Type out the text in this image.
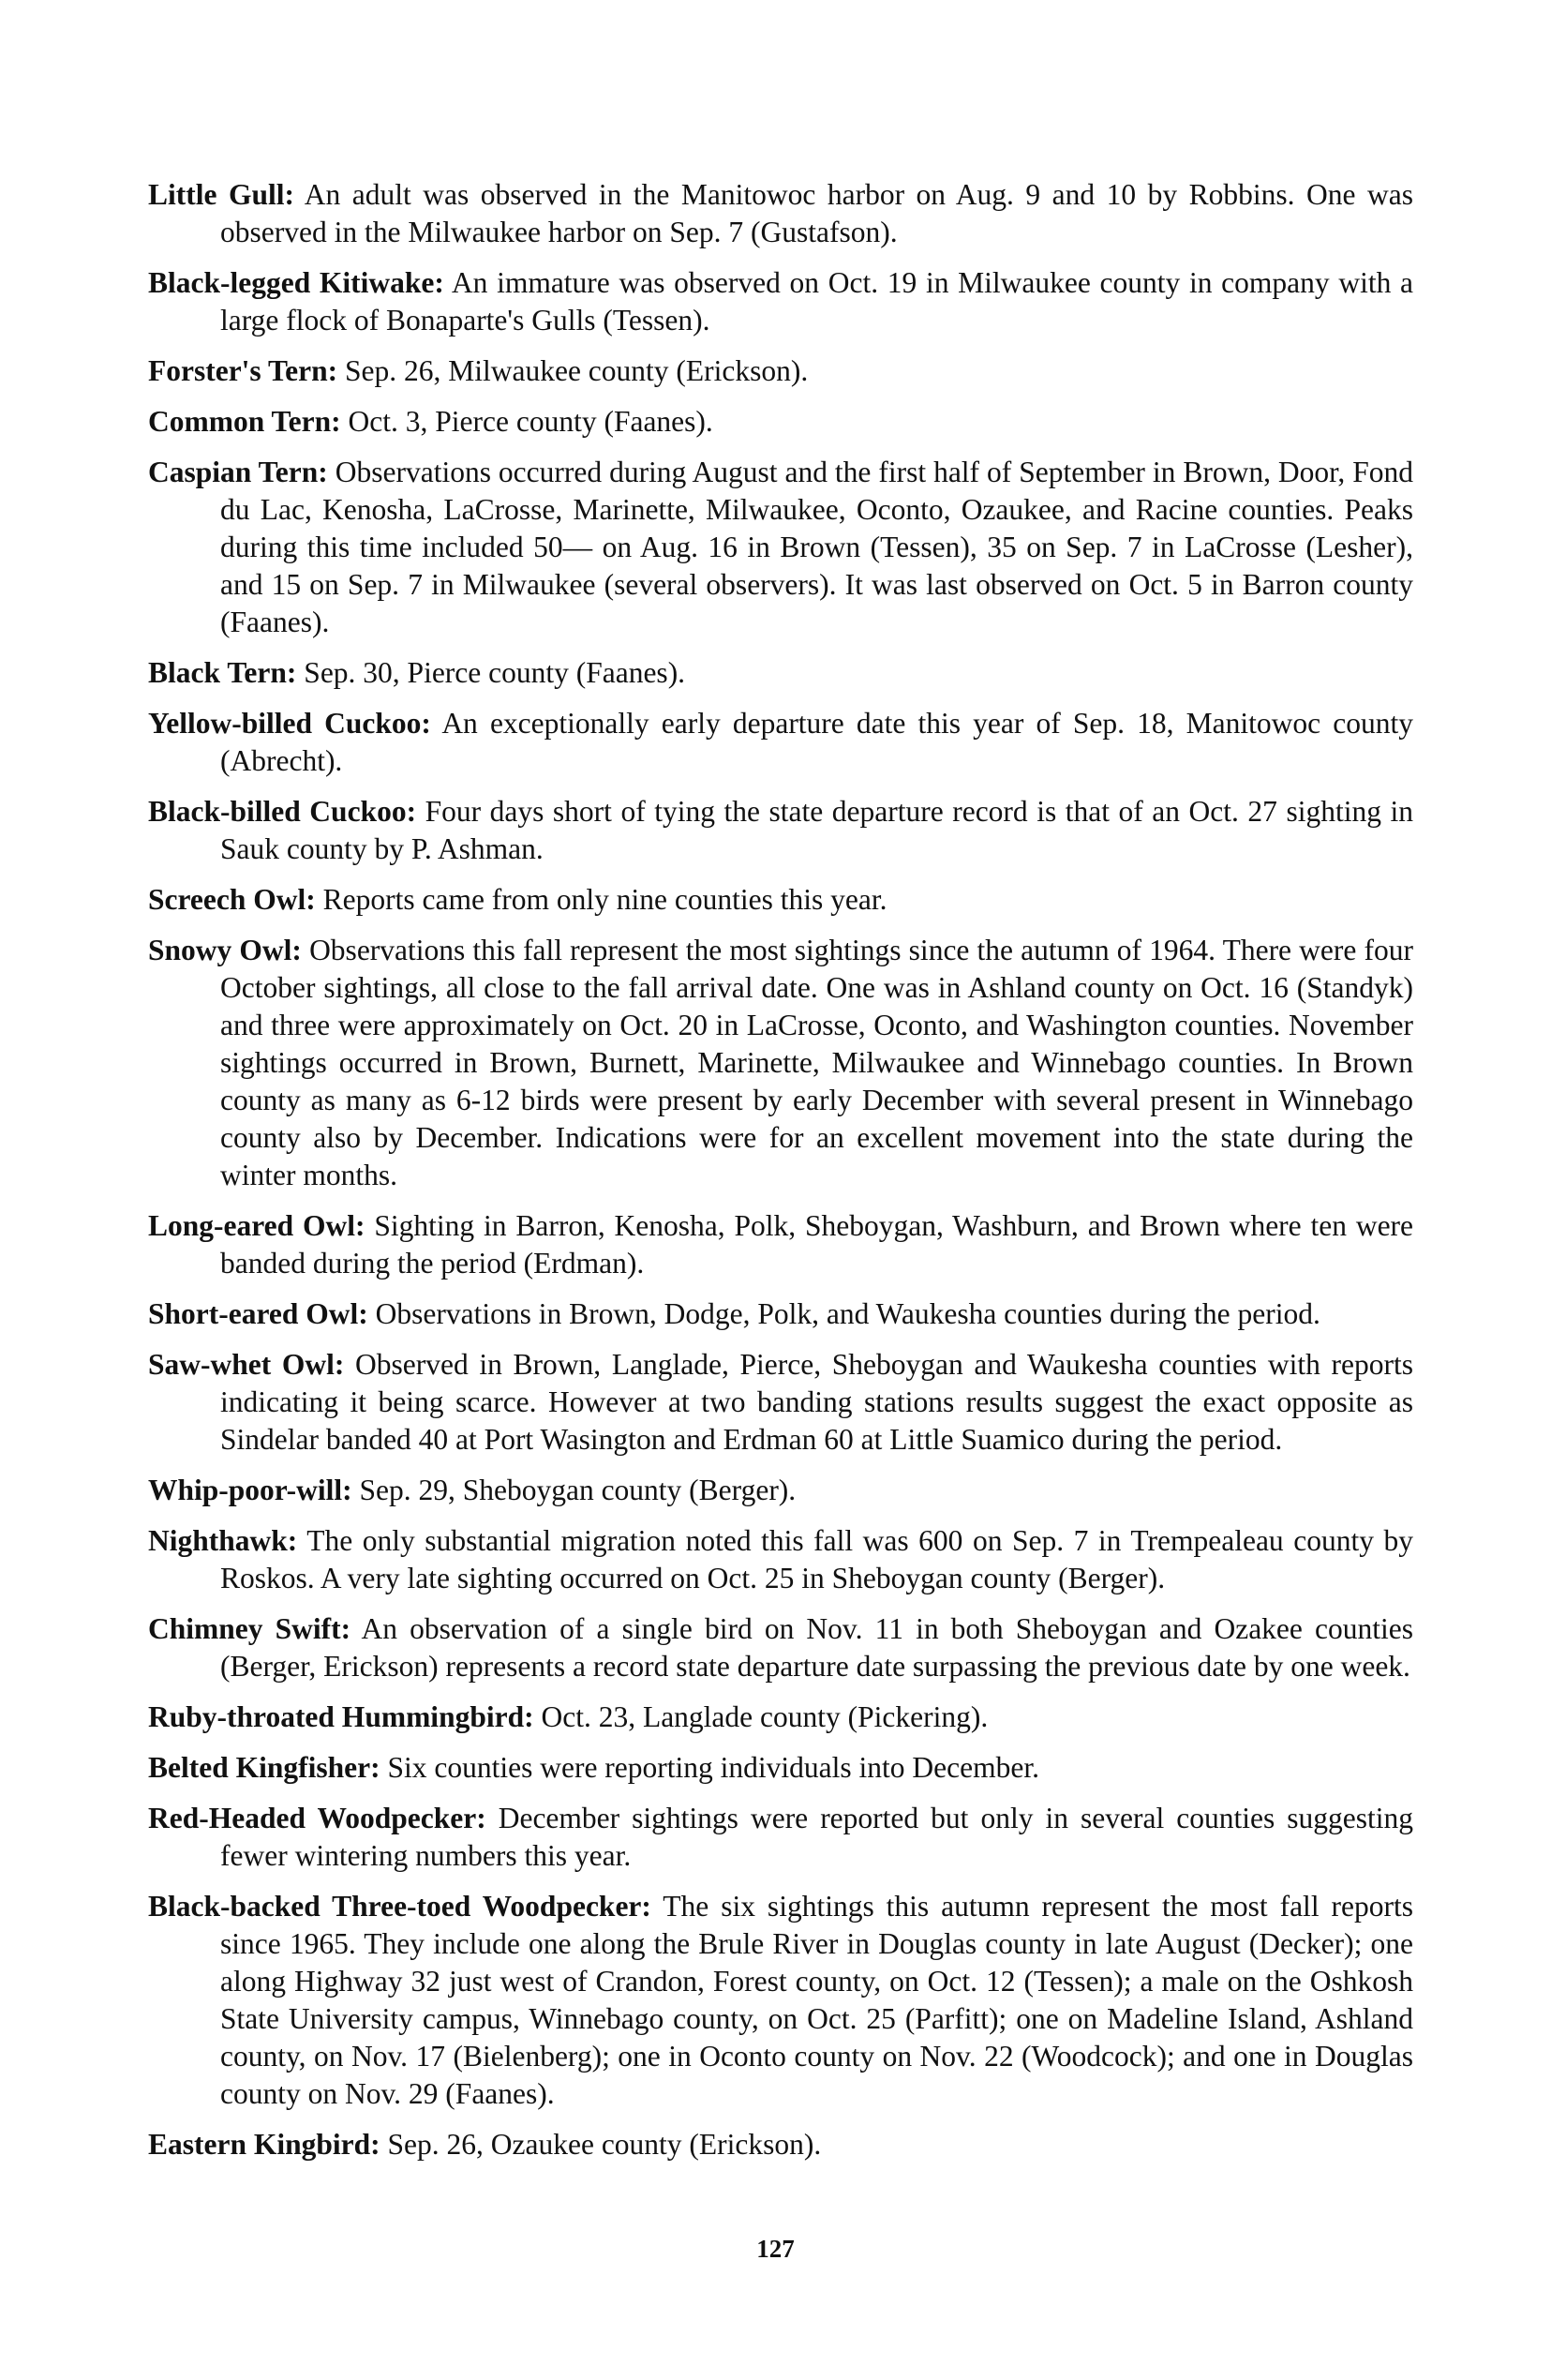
Little Gull: An adult was observed in the Manitowoc harbor on Aug. 9 and 10 by Robbins. One was observed in the Milwaukee harbor on Sep. 7 (Gustafson).

Black-legged Kitiwake: An immature was observed on Oct. 19 in Milwaukee county in company with a large flock of Bonaparte's Gulls (Tessen).

Forster's Tern: Sep. 26, Milwaukee county (Erickson).

Common Tern: Oct. 3, Pierce county (Faanes).

Caspian Tern: Observations occurred during August and the first half of September in Brown, Door, Fond du Lac, Kenosha, LaCrosse, Marinette, Milwaukee, Oconto, Ozaukee, and Racine counties. Peaks during this time included 50— on Aug. 16 in Brown (Tessen), 35 on Sep. 7 in LaCrosse (Lesher), and 15 on Sep. 7 in Milwaukee (several observers). It was last observed on Oct. 5 in Barron county (Faanes).

Black Tern: Sep. 30, Pierce county (Faanes).

Yellow-billed Cuckoo: An exceptionally early departure date this year of Sep. 18, Manitowoc county (Abrecht).

Black-billed Cuckoo: Four days short of tying the state departure record is that of an Oct. 27 sighting in Sauk county by P. Ashman.

Screech Owl: Reports came from only nine counties this year.

Snowy Owl: Observations this fall represent the most sightings since the autumn of 1964. There were four October sightings, all close to the fall arrival date. One was in Ashland county on Oct. 16 (Standyk) and three were approximately on Oct. 20 in LaCrosse, Oconto, and Washington counties. November sightings occurred in Brown, Burnett, Marinette, Milwaukee and Winnebago counties. In Brown county as many as 6-12 birds were present by early December with several present in Winnebago county also by December. Indications were for an excellent movement into the state during the winter months.

Long-eared Owl: Sighting in Barron, Kenosha, Polk, Sheboygan, Washburn, and Brown where ten were banded during the period (Erdman).

Short-eared Owl: Observations in Brown, Dodge, Polk, and Waukesha counties during the period.

Saw-whet Owl: Observed in Brown, Langlade, Pierce, Sheboygan and Waukesha counties with reports indicating it being scarce. However at two banding stations results suggest the exact opposite as Sindelar banded 40 at Port Wasington and Erdman 60 at Little Suamico during the period.

Whip-poor-will: Sep. 29, Sheboygan county (Berger).

Nighthawk: The only substantial migration noted this fall was 600 on Sep. 7 in Trempealeau county by Roskos. A very late sighting occurred on Oct. 25 in Sheboygan county (Berger).

Chimney Swift: An observation of a single bird on Nov. 11 in both Sheboygan and Ozakee counties (Berger, Erickson) represents a record state departure date surpassing the previous date by one week.

Ruby-throated Hummingbird: Oct. 23, Langlade county (Pickering).

Belted Kingfisher: Six counties were reporting individuals into December.

Red-Headed Woodpecker: December sightings were reported but only in several counties suggesting fewer wintering numbers this year.

Black-backed Three-toed Woodpecker: The six sightings this autumn represent the most fall reports since 1965. They include one along the Brule River in Douglas county in late August (Decker); one along Highway 32 just west of Crandon, Forest county, on Oct. 12 (Tessen); a male on the Oshkosh State University campus, Winnebago county, on Oct. 25 (Parfitt); one on Madeline Island, Ashland county, on Nov. 17 (Bielenberg); one in Oconto county on Nov. 22 (Woodcock); and one in Douglas county on Nov. 29 (Faanes).

Eastern Kingbird: Sep. 26, Ozaukee county (Erickson).

127
